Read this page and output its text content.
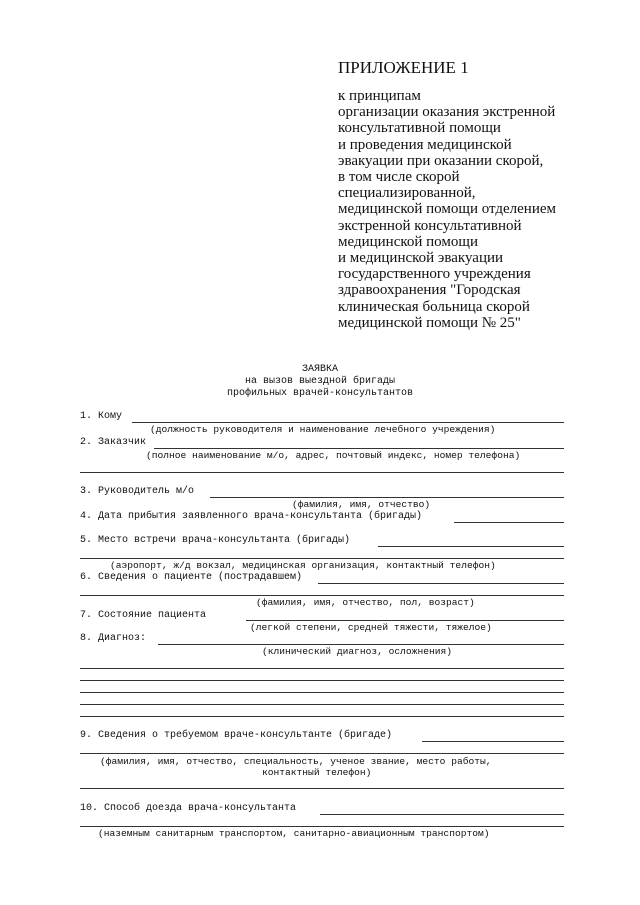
ПРИЛОЖЕНИЕ 1
к принципам
организации оказания экстренной
консультативной помощи
и проведения медицинской
эвакуации при оказании скорой,
в том числе скорой
специализированной,
медицинской помощи отделением
экстренной консультативной
медицинской помощи
и медицинской эвакуации
государственного учреждения
здравоохранения "Городская
клиническая больница скорой
медицинской помощи № 25"
ЗАЯВКА
на вызов выездной бригады
профильных врачей-консультантов
1. Кому
(должность руководителя и наименование лечебного учреждения)
2. Заказчик
(полное наименование м/о, адрес, почтовый индекс, номер телефона)
3. Руководитель м/о
(фамилия, имя, отчество)
4. Дата прибытия заявленного врача-консультанта (бригады)
5. Место встречи врача-консультанта (бригады)
(аэропорт, ж/д вокзал, медицинская организация, контактный телефон)
6. Сведения о пациенте (пострадавшем)
(фамилия, имя, отчество, пол, возраст)
7. Состояние пациента
(легкой степени, средней тяжести, тяжелое)
8. Диагноз:
(клинический диагноз, осложнения)
9. Сведения о требуемом враче-консультанте (бригаде)
(фамилия, имя, отчество, специальность, ученое звание, место работы,
контактный телефон)
10. Способ доезда врача-консультанта
(наземным санитарным транспортом, санитарно-авиационным транспортом)
